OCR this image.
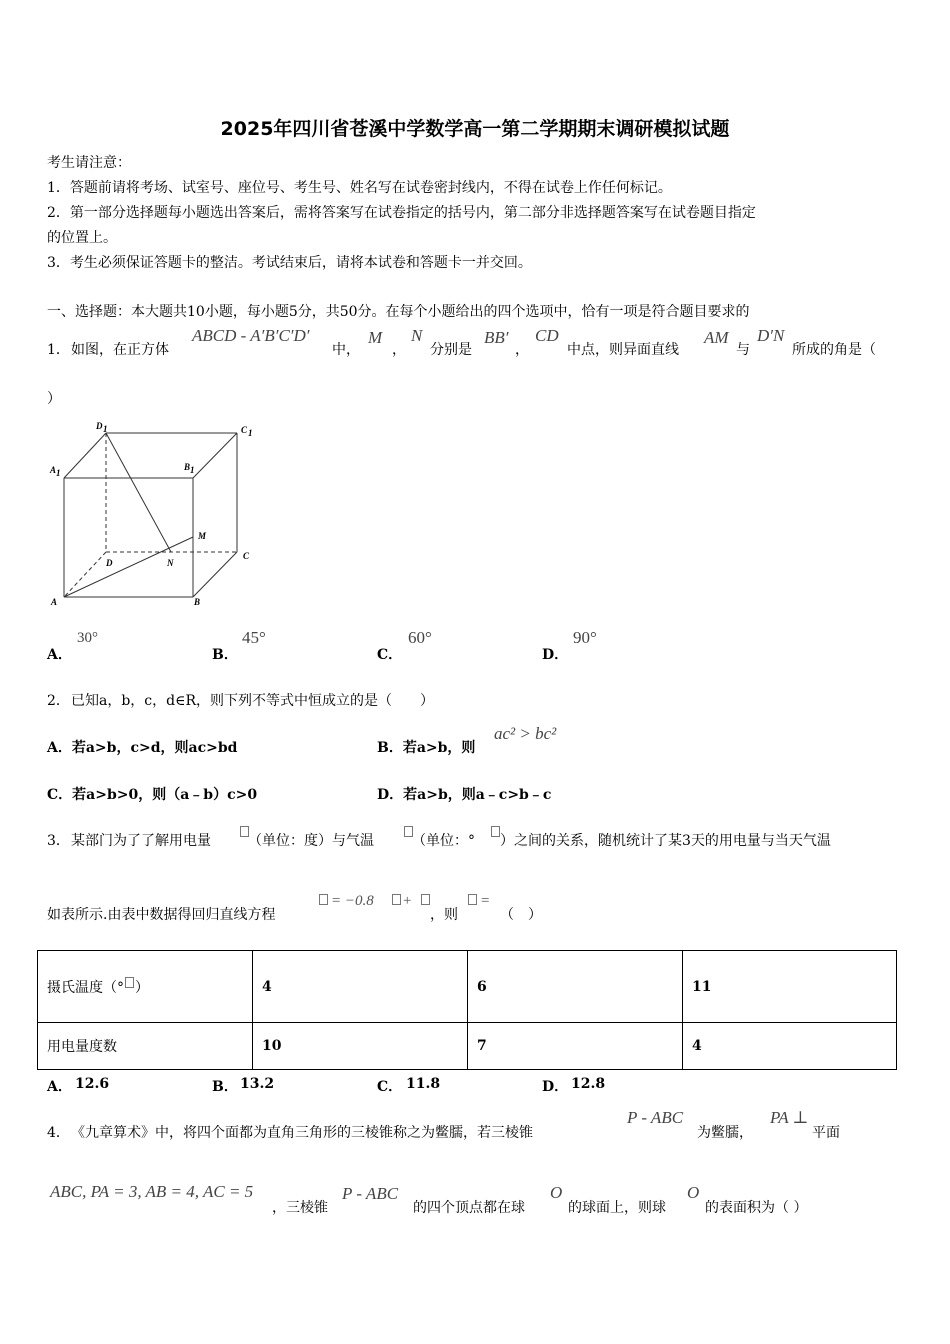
2025年四川省苍溪中学数学高一第二学期期末调研模拟试题
考生请注意：
1．答题前请将考场、试室号、座位号、考生号、姓名写在试卷密封线内，不得在试卷上作任何标记。
2．第一部分选择题每小题选出答案后，需将答案写在试卷指定的括号内，第二部分非选择题答案写在试卷题目指定
的位置上。
3．考生必须保证答题卡的整洁。考试结束后，请将本试卷和答题卡一并交回。
一、选择题：本大题共10小题，每小题5分，共50分。在每个小题给出的四个选项中，恰有一项是符合题目要求的
1． 如图，在正方体
ABCD - A′B′C′D′
中，
M
，
N
分别是
BB′
，
CD
中点，则异面直线
AM
与
D′N
所成的角是（
）
D 1	C 1
A 1
B 1
M
D	N
C
A	B
A．
30°
B．
45°
C．
60°
D．
90°
2． 已知a，b，c，d∈R，则下列不等式中恒成立的是（　　）
A．若a>b，c>d，则ac>bd	B．若a>b，则
ac² > bc²
C．若a>b>0，则（a﹣b）c>0	D．若a>b，则a﹣c>b﹣c
3． 某部门为了了解用电量	（单位：度）与气温	（单位：° ）之间的关系，随机统计了某3天的用电量与当天气温
如表所示.由表中数据得回归直线方程
= −0.8 +
，则
=
（　）
摄氏温度（° ）	4	6	11
用电量度数	10	7	4
A． 12.6	B． 13.2	C． 11.8	D． 12.8
4． 《九章算术》中，将四个面都为直角三角形的三棱锥称之为鳖臑，若三棱锥
P - ABC
为鳖臑，
PA ⊥
平面
ABC, PA = 3, AB = 4, AC = 5
，三棱锥
P - ABC
的四个顶点都在球
O
的球面上，则球
O
的表面积为（ ）
